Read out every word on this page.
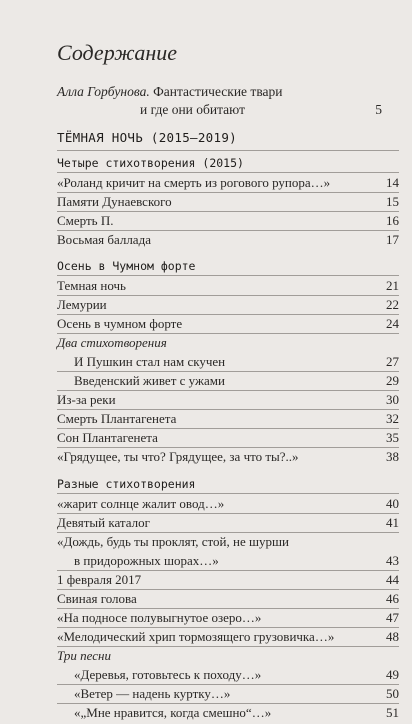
Содержание
Алла Горбунова. Фантастические твари
и где они обитают	5
ТЁМНАЯ НОЧЬ (2015–2019)
Четыре стихотворения (2015)
«Роланд кричит на смерть из рогового рупора…»	14
Памяти Дунаевского	15
Смерть П.	16
Восьмая баллада	17
Осень в Чумном форте
Темная ночь	21
Лемурии	22
Осень в чумном форте	24
Два стихотворения
И Пушкин стал нам скучен	27
Введенский живет с ужами	29
Из-за реки	30
Смерть Плантагенета	32
Сон Плантагенета	35
«Грядущее, ты что? Грядущее, за что ты?..»	38
Разные стихотворения
«жарит солнце жалит овод…»	40
Девятый каталог	41
«Дождь, будь ты проклят, стой, не шурши
в придорожных шорах…»	43
1 февраля 2017	44
Свиная голова	46
«На подносе полувыгнутое озеро…»	47
«Мелодический хрип тормозящего грузовичка…»	48
Три песни
«Деревья, готовьтесь к походу…»	49
«Ветер — надень куртку…»	50
«„Мне нравится, когда смешно“…»	51
